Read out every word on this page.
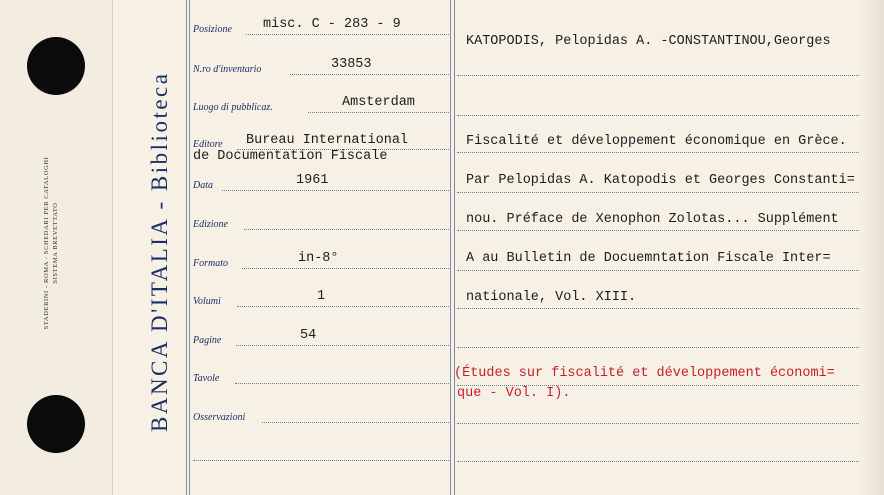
STADERINI - ROMA - SCHEDARI PER CATALOGHI SISTEMA BREVETTATO	BANCA D'ITALIA - Biblioteca
Posizione misc. C - 283 - 9
N.ro d'inventario	33853
Luogo di pubblicaz.	Amsterdam
Editore Bureau International
de Documentation Fiscale
Data	1961
Edizione
Formato	in-8°
Volumi	1
Pagine	54
Tavole
Osservazioni
KATOPODIS, Pelopidas A. -CONSTANTINOU,Georges
Fiscalité et développement économique en Grèce.
Par Pelopidas A. Katopodis et Georges Constanti=
nou. Préface de Xenophon Zolotas... Supplément
A au Bulletin de Docuemntation Fiscale Inter=
nationale, Vol. XIII.
(Études sur fiscalité et développement économi=
que - Vol. I).
